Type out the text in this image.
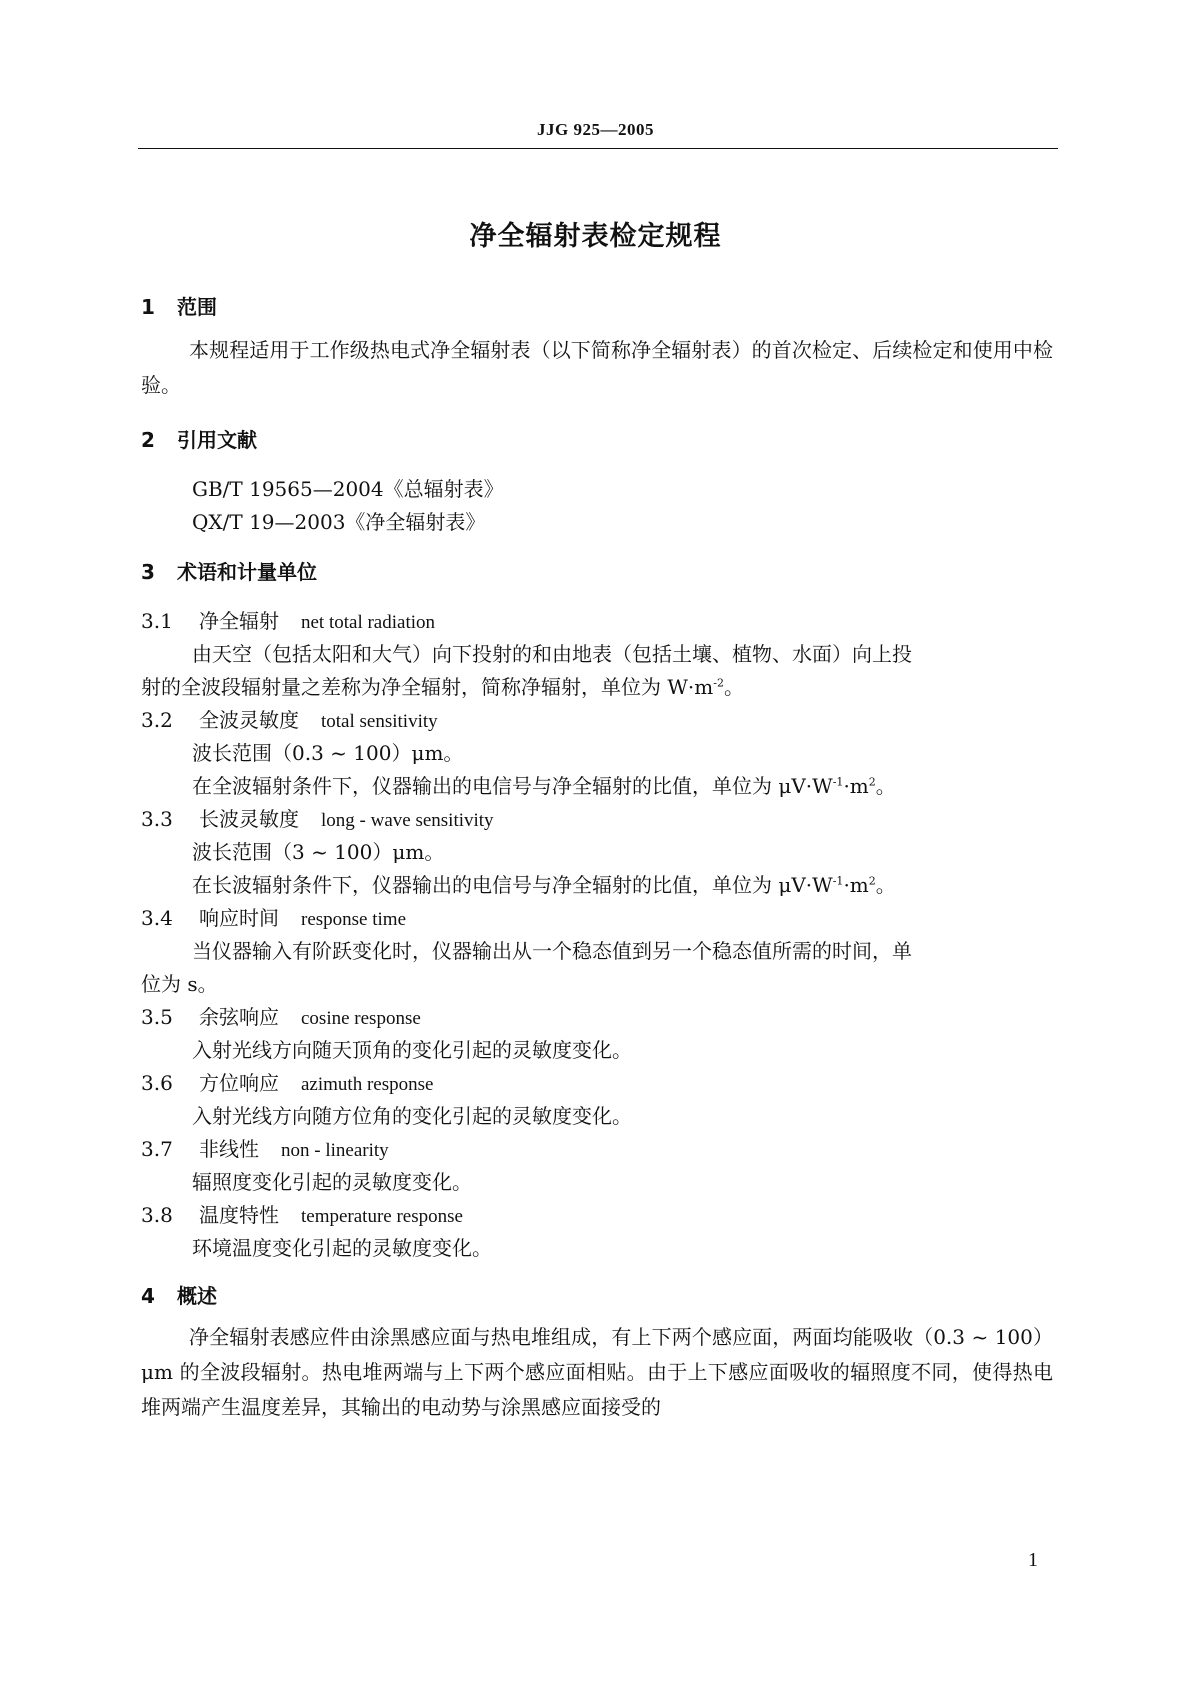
JJG 925—2005
净全辐射表检定规程
1 范围

本规程适用于工作级热电式净全辐射表（以下简称净全辐射表）的首次检定、后续检定和使用中检验。

2 引用文献
GB/T 19565—2004《总辐射表》
QX/T 19—2003《净全辐射表》
3 术语和计量单位
3.1 净全辐射 net total radiation
由天空（包括太阳和大气）向下投射的和由地表（包括土壤、植物、水面）向上投
射的全波段辐射量之差称为净全辐射，简称净辐射，单位为 $W\cdot m^{-2}$。
3.2 全波灵敏度 total sensitivity
波长范围（0.3 ~ 100）μm。
在全波辐射条件下，仪器输出的电信号与净全辐射的比值，单位为 $\mu V\cdot W^{-1}\cdot m^2$。
3.3 长波灵敏度 long - wave sensitivity
波长范围（3 ~ 100）μm。
在长波辐射条件下，仪器输出的电信号与净全辐射的比值，单位为 $\mu V\cdot W^{-1}\cdot m^2$。
3.4 响应时间 response time
当仪器输入有阶跃变化时，仪器输出从一个稳态值到另一个稳态值所需的时间，单
位为 s。
3.5 余弦响应 cosine response
入射光线方向随天顶角的变化引起的灵敏度变化。
3.6 方位响应 azimuth response
入射光线方向随方位角的变化引起的灵敏度变化。
3.7 非线性 non - linearity
辐照度变化引起的灵敏度变化。
3.8 温度特性 temperature response
环境温度变化引起的灵敏度变化。
4 概述

净全辐射表感应件由涂黑感应面与热电堆组成，有上下两个感应面，两面均能吸收（0.3 ~ 100）μm 的全波段辐射。热电堆两端与上下两个感应面相贴。由于上下感应面吸收的辐照度不同，使得热电堆两端产生温度差异，其输出的电动势与涂黑感应面接受的

1
